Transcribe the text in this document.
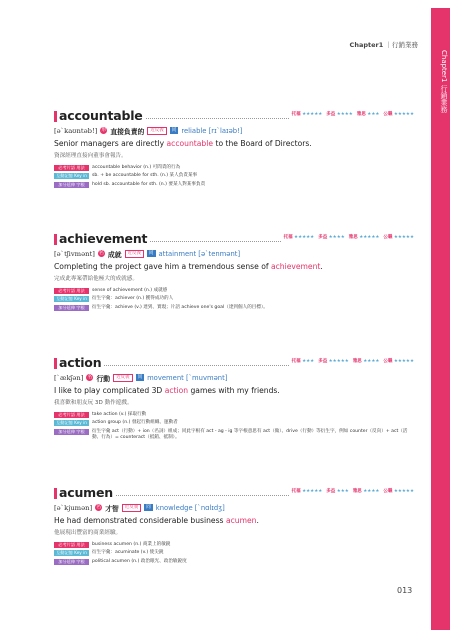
Chapter1 行銷業務
Chapter1 ｜行銷業務
accountable	托福 ★★★★★ 多益 ★★★★ 雅思 ★★★ 公職 ★★★★★
[əˋkaʊntəb!] 形 直接負責的	近反義	同 reliable [rɪˋlaɪəb!]
Senior managers are directly accountable to the Board of Directors.
資深經理直接向董事會報告。
必考片語 用法	accountable behavior (n.) 可問責的行為
互動記憶 Key in	sb. + be accountable for sth. (n.) 某人負責某事
加分延伸 字根	hold sb. accountable for sth. (n.) 要某人對某事負責
achievement	托福 ★★★★★ 多益 ★★★★ 雅思 ★★★★★ 公職 ★★★★★
[əˋtʃivmənt] 名 成就	近反義	同 attainment [əˋtenmənt]
Completing the project gave him a tremendous sense of achievement.
完成此專案帶給他極大的成就感。
必考片語 用法	sense of achievement (n.) 成就感
互動記憶 Key in	衍生字彙：achiever (n.) 獲得成功的人
加分延伸 字根	衍生字彙：achieve (v.) 達到、實現；片語 achieve one's goal（達到個人的目標）。
action	托福 ★★★ 多益 ★★★★★ 雅思 ★★★★ 公職 ★★★★★
[ˋækʃən] 名 行動	近反義	同 movement [ˋmuvmənt]
I like to play complicated 3D action games with my friends.
我喜歡和朋友玩 3D 動作遊戲。
必考片語 用法	take action (v.) 採取行動
互動記憶 Key in	action group (n.) 發起行動組織、運動者
加分延伸 字根	衍生字彙 act（行動）+ ion（名詞）組成；同此字根有 act - ag - ig 等字根意思有 act（做）、drive（行動）等衍生字，例如 counter（反向）+ act（活動、行為）= counteract（抵銷、抵制）。
acumen	托福 ★★★★★ 多益 ★★★ 雅思 ★★★★ 公職 ★★★★★
[əˋkjumən] 名 才智	近反義	同 knowledge [ˋnɑlɪdʒ]
He had demonstrated considerable business acumen.
他展現出豐富的商業經驗。
必考片語 用法	business acumen (n.) 商業上的敏銳
互動記憶 Key in	衍生字彙：acuminate (v.) 使尖銳
加分延伸 字根	political acumen (n.) 政治眼光、政治敏銳度
013
